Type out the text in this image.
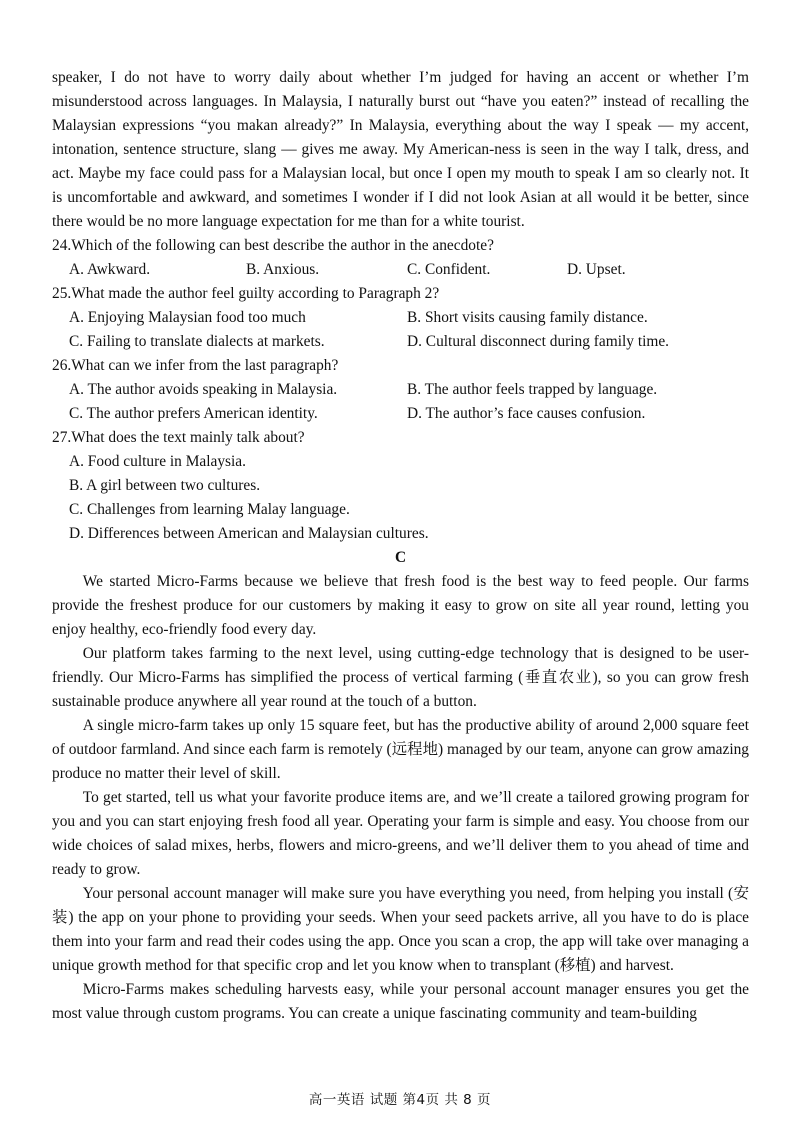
speaker, I do not have to worry daily about whether I’m judged for having an accent or whether I’m misunderstood across languages. In Malaysia, I naturally burst out “have you eaten?” instead of recalling the Malaysian expressions “you makan already?” In Malaysia, everything about the way I speak — my accent, intonation, sentence structure, slang — gives me away. My American-ness is seen in the way I talk, dress, and act. Maybe my face could pass for a Malaysian local, but once I open my mouth to speak I am so clearly not. It is uncomfortable and awkward, and sometimes I wonder if I did not look Asian at all would it be better, since there would be no more language expectation for me than for a white tourist.

24.Which of the following can best describe the author in the anecdote?

A. Awkward.	B. Anxious.	C. Confident.	D. Upset.

25.What made the author feel guilty according to Paragraph 2?

A. Enjoying Malaysian food too much	B. Short visits causing family distance.
C. Failing to translate dialects at markets.	D. Cultural disconnect during family time.

26.What can we infer from the last paragraph?

A. The author avoids speaking in Malaysia.	B. The author feels trapped by language.
C. The author prefers American identity.	D. The author’s face causes confusion.

27.What does the text mainly talk about?

A. Food culture in Malaysia.
B. A girl between two cultures.
C. Challenges from learning Malay language.
D. Differences between American and Malaysian cultures.

C

We started Micro-Farms because we believe that fresh food is the best way to feed people. Our farms provide the freshest produce for our customers by making it easy to grow on site all year round, letting you enjoy healthy, eco-friendly food every day.

Our platform takes farming to the next level, using cutting-edge technology that is designed to be user-friendly. Our Micro-Farms has simplified the process of vertical farming (垂直农业), so you can grow fresh sustainable produce anywhere all year round at the touch of a button.

A single micro-farm takes up only 15 square feet, but has the productive ability of around 2,000 square feet of outdoor farmland. And since each farm is remotely (远程地) managed by our team, anyone can grow amazing produce no matter their level of skill.

To get started, tell us what your favorite produce items are, and we’ll create a tailored growing program for you and you can start enjoying fresh food all year. Operating your farm is simple and easy. You choose from our wide choices of salad mixes, herbs, flowers and micro-greens, and we’ll deliver them to you ahead of time and ready to grow.

Your personal account manager will make sure you have everything you need, from helping you install (安装) the app on your phone to providing your seeds. When your seed packets arrive, all you have to do is place them into your farm and read their codes using the app. Once you scan a crop, the app will take over managing a unique growth method for that specific crop and let you know when to transplant (移植) and harvest.

Micro-Farms makes scheduling harvests easy, while your personal account manager ensures you get the most value through custom programs. You can create a unique fascinating community and team-building

高一英语 试题 第4页 共 8 页
